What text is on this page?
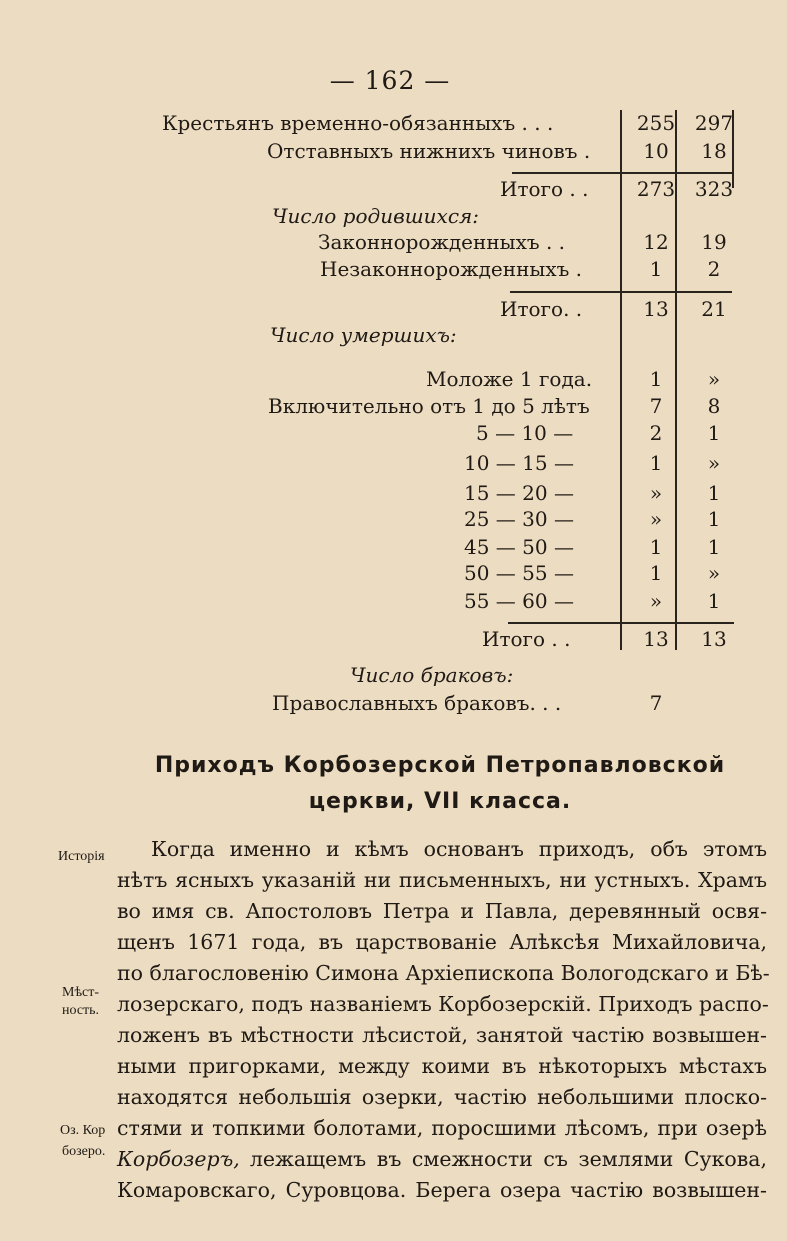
— 162 —
Крестьянъ временно-обязанныхъ . . .	255 297
Отставныхъ нижнихъ чиновъ .	10	18
Итого . .	273 323
Число родившихся:
Законнорожденныхъ . .	12	19
Незаконнорожденныхъ .	1	2
Итого. .	13	21
Число умершихъ:
Моложе 1 года.	1	»
Включительно отъ 1 до 5 лѣтъ	7	8
5 — 10 —	2	1
10 — 15 —	1	»
15 — 20 —	»	1
25 — 30 —	»	1
45 — 50 —	1	1
50 — 55 —	1	»
55 — 60 —	»	1
Итого . .	13	13
Число браковъ:
Православныхъ браковъ. . .	7
Приходъ Корбозерской Петропавловской
церкви, VII класса.
Исторія
Мѣст-
ность.
Оз. Кор
бозеро.
Когда именно и кѣмъ основанъ приходъ, объ этомъ
нѣтъ ясныхъ указаній ни письменныхъ, ни устныхъ. Храмъ
во имя св. Апостоловъ Петра и Павла, деревянный освя-
щенъ 1671 года, въ царствованіе Алѣксѣя Михайловича,
по благословенію Симона Архіепископа Вологодскаго и Бѣ-
лозерскаго, подъ названіемъ Корбозерскій. Приходъ распо-
ложенъ въ мѣстности лѣсистой, занятой частію возвышен-
ными пригорками, между коими въ нѣкоторыхъ мѣстахъ
находятся небольшія озерки, частію небольшими плоско-
стями и топкими болотами, поросшими лѣсомъ, при озерѣ
Корбозеръ, лежащемъ въ смежности съ землями Сукова,
Комаровскаго, Суровцова. Берега озера частію возвышен-
